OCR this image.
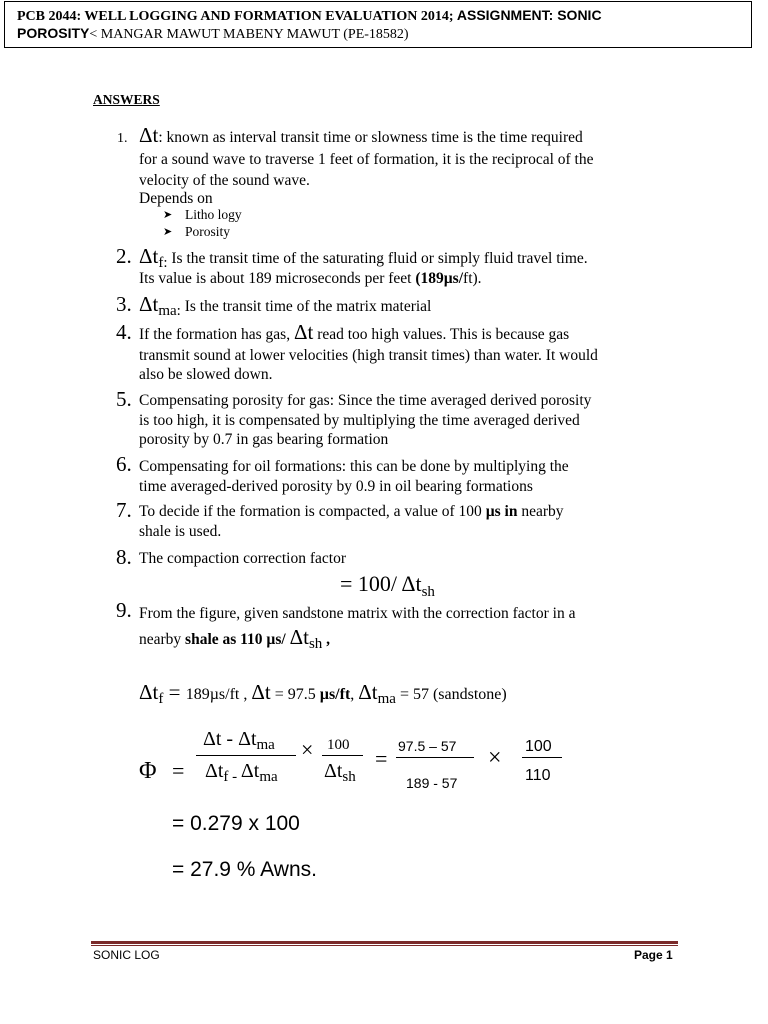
PCB 2044: WELL LOGGING AND FORMATION EVALUATION 2014; ASSIGNMENT: SONIC
POROSITY< MANGAR MAWUT MABENY MAWUT (PE-18582)
ANSWERS
1. Δt: known as interval transit time or slowness time is the time required
for a sound wave to traverse 1 feet of formation, it is the reciprocal of the
velocity of the sound wave.
Depends on
➤ Litho logy
➤ Porosity
2. Δtf: Is the transit time of the saturating fluid or simply fluid travel time.
Its value is about 189 microseconds per feet (189µs/ft).
3. Δtma: Is the transit time of the matrix material
4. If the formation has gas, Δt read too high values. This is because gas
transmit sound at lower velocities (high transit times) than water. It would
also be slowed down.
5. Compensating porosity for gas: Since the time averaged derived porosity
is too high, it is compensated by multiplying the time averaged derived
porosity by 0.7 in gas bearing formation
6. Compensating for oil formations: this can be done by multiplying the
time averaged-derived porosity by 0.9 in oil bearing formations
7. To decide if the formation is compacted, a value of 100 µs in nearby
shale is used.
8. The compaction correction factor
= 100/ $\Delta t_{sh}$
9. From the figure, given sandstone matrix with the correction factor in a
nearby shale as 110 µs/ Δtsh ,
Δtf = 189µs/ft , Δt = 97.5 µs/ft, Δtma = 57 (sandstone)
Φ =
Δt - $\Delta t_{ma}$
$\Delta t_{f -}$ $\Delta t_{ma}$
× 100
$\Delta t_{sh}$
= 97.5 – 57
189 - 57
× 100
110
= 0.279 x 100
= 27.9 % Awns.
SONIC LOG	Page 1
